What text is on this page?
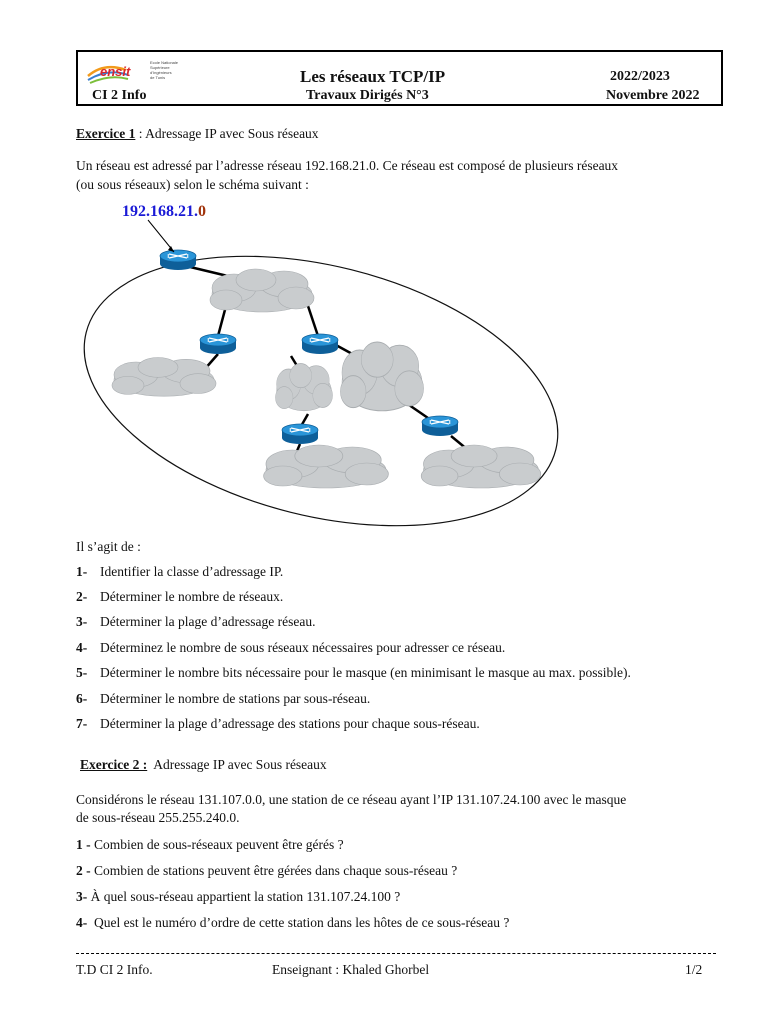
ensit
Ecole Nationale
Supérieure
d'Ingénieurs
de Tunis
CI 2 Info
Les réseaux TCP/IP
Travaux Dirigés N°3
2022/2023
Novembre 2022
Exercice 1 : Adressage IP avec Sous réseaux
Un réseau est adressé par l’adresse réseau 192.168.21.0. Ce réseau est composé de plusieurs réseaux
(ou sous réseaux) selon le schéma suivant :
192.168.21.0
Il s’agit de :
1- Identifier la classe d’adressage IP.
2- Déterminer le nombre de réseaux.
3- Déterminer la plage d’adressage réseau.
4- Déterminez le nombre de sous réseaux nécessaires pour adresser ce réseau.
5- Déterminer le nombre bits nécessaire pour le masque (en minimisant le masque au max. possible).
6- Déterminer le nombre de stations par sous-réseau.
7- Déterminer la plage d’adressage des stations pour chaque sous-réseau.
Exercice 2 :  Adressage IP avec Sous réseaux
Considérons le réseau 131.107.0.0, une station de ce réseau ayant l’IP 131.107.24.100 avec le masque
de sous-réseau 255.255.240.0.
1 - Combien de sous-réseaux peuvent être gérés ?
2 - Combien de stations peuvent être gérées dans chaque sous-réseau ?
3- À quel sous-réseau appartient la station 131.107.24.100 ?
4-  Quel est le numéro d’ordre de cette station dans les hôtes de ce sous-réseau ?
T.D CI 2 Info.	Enseignant : Khaled Ghorbel	1/2
